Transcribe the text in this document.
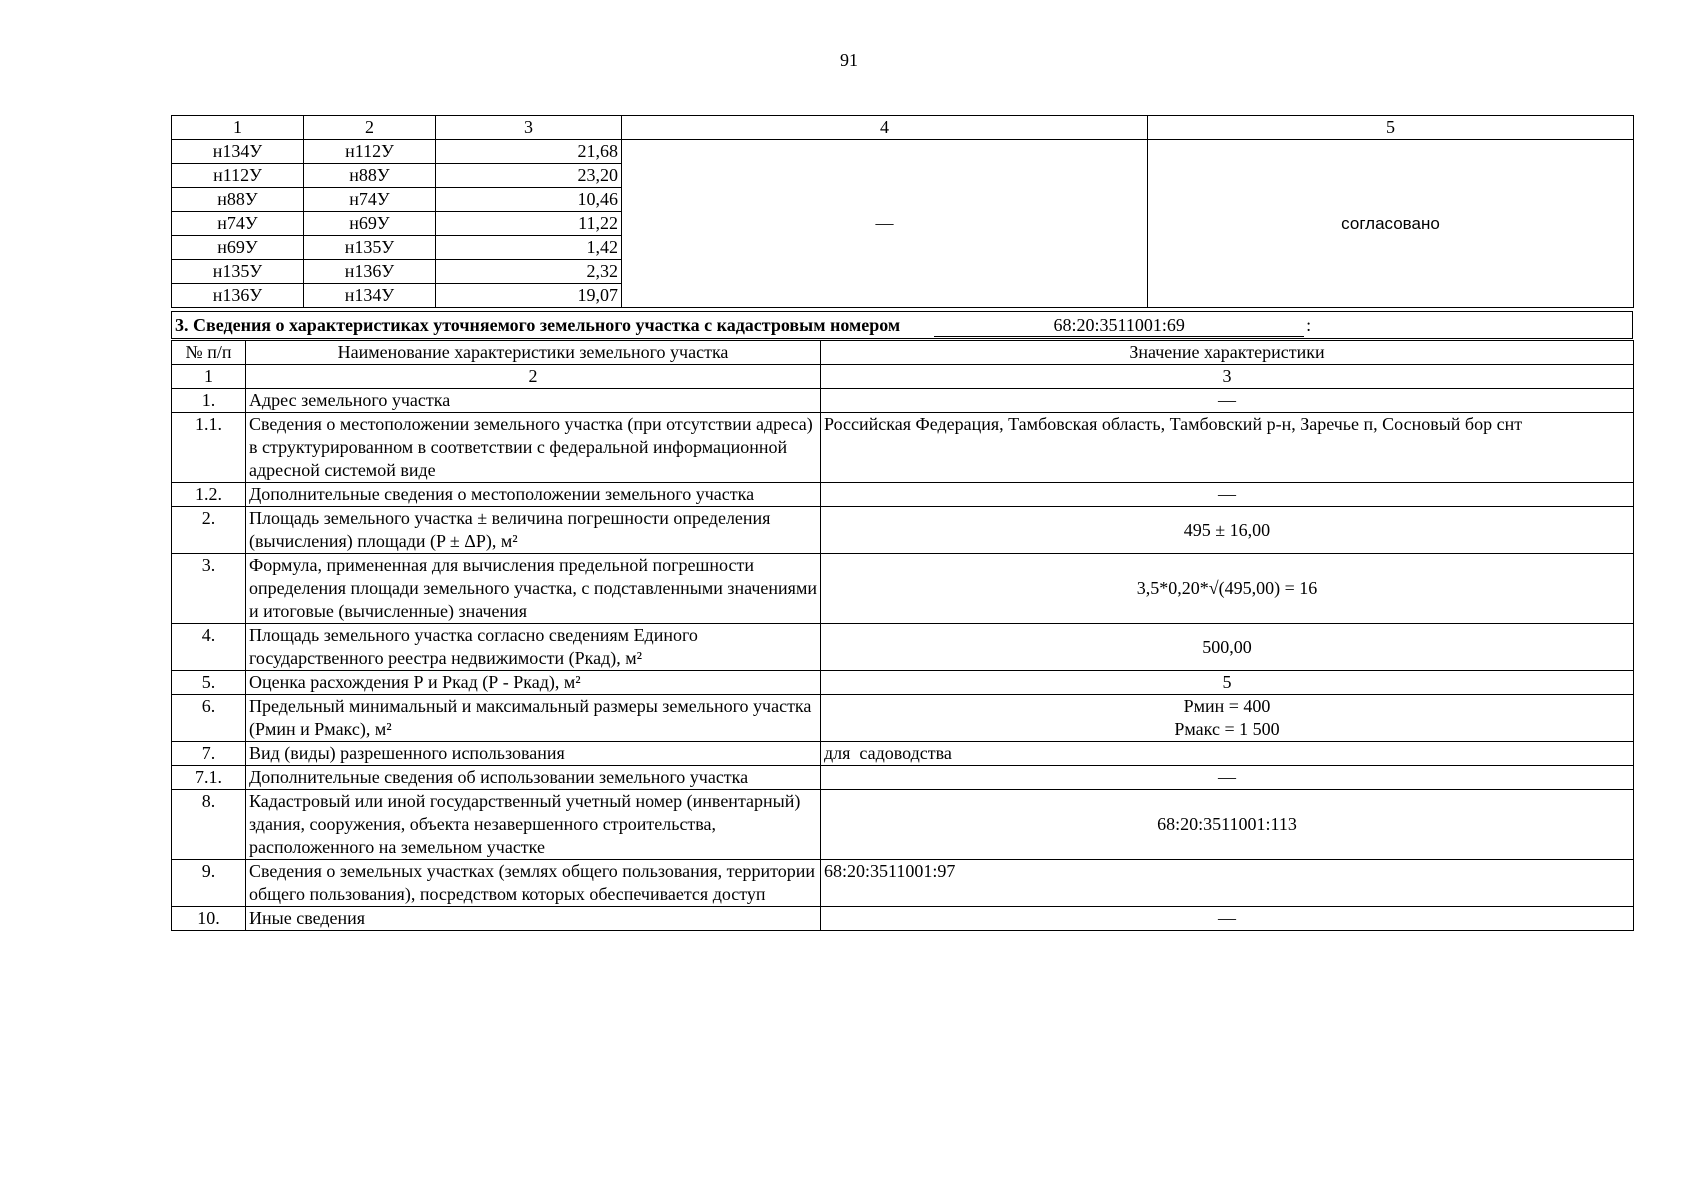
91
1	2	3	4	5
н134У	н112У	21,68	—	согласовано
н112У	н88У	23,20		
н88У	н74У	10,46		
н74У	н69У	11,22		
н69У	н135У	1,42		
н135У	н136У	2,32		
н136У	н134У	19,07		
3. Сведения о характеристиках уточняемого земельного участка с кадастровым номером	68:20:3511001:69	:
№ п/п	Наименование характеристики земельного участка	Значение характеристики
1	2	3
1.	Адрес земельного участка	—
1.1.	Сведения о местоположении земельного участка (при отсутствии адреса) в структурированном в соответствии с федеральной информационной адресной системой виде	Российская Федерация, Тамбовская область, Тамбовский р-н, Заречье п, Сосновый бор снт
1.2.	Дополнительные сведения о местоположении земельного участка	—
2.	Площадь земельного участка ± величина погрешности определения (вычисления) площади (P ± ΔP), м²	495 ± 16,00
3.	Формула, примененная для вычисления предельной погрешности определения площади земельного участка, с подставленными значениями и итоговые (вычисленные) значения	3,5*0,20*√(495,00) = 16
4.	Площадь земельного участка согласно сведениям Единого государственного реестра недвижимости (Ркад), м²	500,00
5.	Оценка расхождения Р и Ркад (Р - Ркад), м²	5
6.	Предельный минимальный и максимальный размеры земельного участка (Рмин и Рмакс), м²	Рмин = 400
Рмакс = 1 500

7.	Вид (виды) разрешенного использования	для  садоводства
7.1.	Дополнительные сведения об использовании земельного участка	—
8.	Кадастровый или иной государственный учетный номер (инвентарный) здания, сооружения, объекта незавершенного строительства, расположенного на земельном участке	68:20:3511001:113
9.	Сведения о земельных участках (землях общего пользования, территории общего пользования), посредством которых обеспечивается доступ	68:20:3511001:97
10.	Иные сведения	—
